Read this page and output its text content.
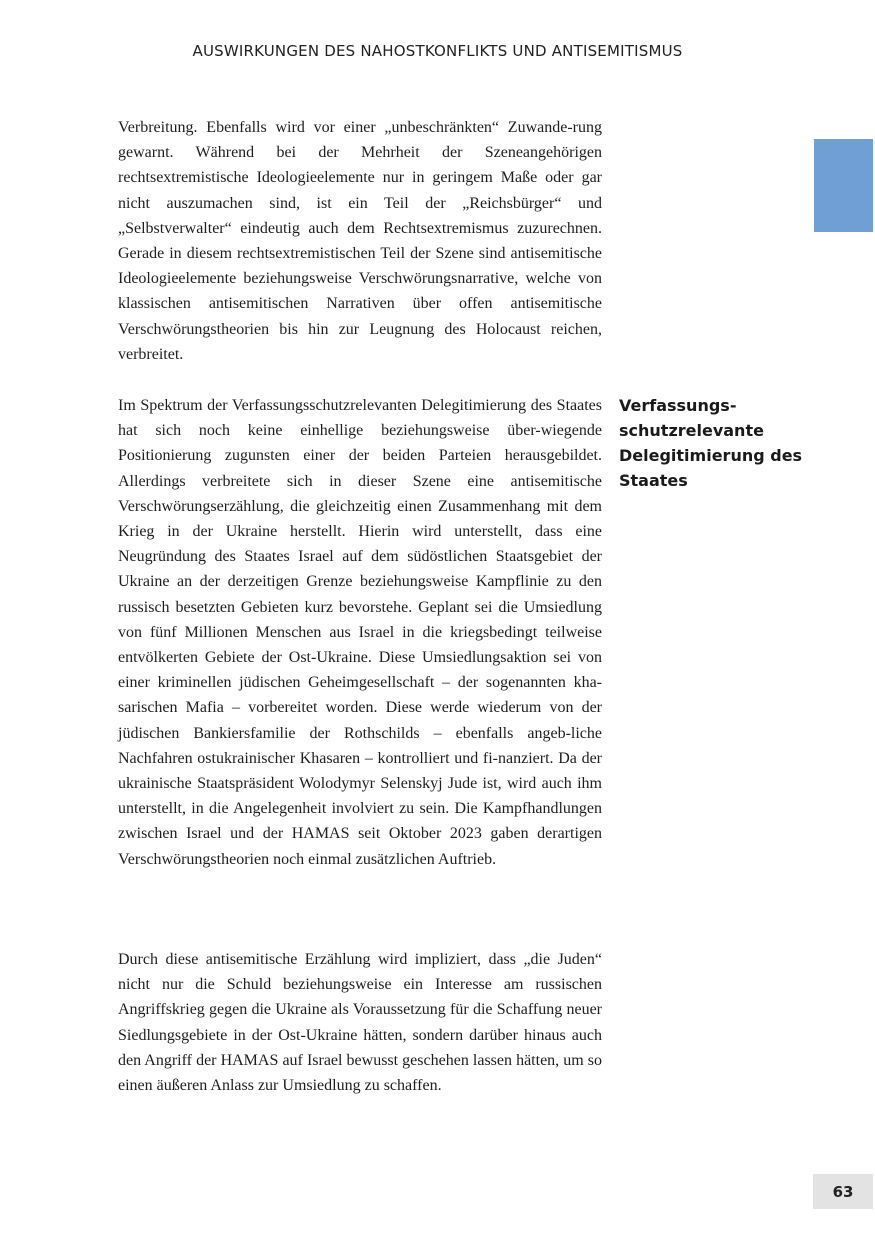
AUSWIRKUNGEN DES NAHOSTKONFLIKTS UND ANTISEMITISMUS

Verbreitung. Ebenfalls wird vor einer „unbeschränkten“ Zuwande-rung gewarnt. Während bei der Mehrheit der Szeneangehörigen rechtsextremistische Ideologieelemente nur in geringem Maße oder gar nicht auszumachen sind, ist ein Teil der „Reichsbürger“ und „Selbstverwalter“ eindeutig auch dem Rechtsextremismus zuzurechnen. Gerade in diesem rechtsextremistischen Teil der Szene sind antisemitische Ideologieelemente beziehungsweise Verschwörungsnarrative, welche von klassischen antisemitischen Narrativen über offen antisemitische Verschwörungstheorien bis hin zur Leugnung des Holocaust reichen, verbreitet.

Verfassungs-
schutzrelevante
Delegitimierung des
Staates

Im Spektrum der Verfassungsschutzrelevanten Delegitimierung des Staates hat sich noch keine einhellige beziehungsweise über-wiegende Positionierung zugunsten einer der beiden Parteien herausgebildet. Allerdings verbreitete sich in dieser Szene eine antisemitische Verschwörungserzählung, die gleichzeitig einen Zusammenhang mit dem Krieg in der Ukraine herstellt. Hierin wird unterstellt, dass eine Neugründung des Staates Israel auf dem südöstlichen Staatsgebiet der Ukraine an der derzeitigen Grenze beziehungsweise Kampflinie zu den russisch besetzten Gebieten kurz bevorstehe. Geplant sei die Umsiedlung von fünf Millionen Menschen aus Israel in die kriegsbedingt teilweise entvölkerten Gebiete der Ost-Ukraine. Diese Umsiedlungsaktion sei von einer kriminellen jüdischen Geheimgesellschaft – der sogenannten kha-sarischen Mafia – vorbereitet worden. Diese werde wiederum von der jüdischen Bankiersfamilie der Rothschilds – ebenfalls angeb-liche Nachfahren ostukrainischer Khasaren – kontrolliert und fi-nanziert. Da der ukrainische Staatspräsident Wolodymyr Selenskyj Jude ist, wird auch ihm unterstellt, in die Angelegenheit involviert zu sein. Die Kampfhandlungen zwischen Israel und der HAMAS seit Oktober 2023 gaben derartigen Verschwörungstheorien noch einmal zusätzlichen Auftrieb.

Durch diese antisemitische Erzählung wird impliziert, dass „die Juden“ nicht nur die Schuld beziehungsweise ein Interesse am russischen Angriffskrieg gegen die Ukraine als Voraussetzung für die Schaffung neuer Siedlungsgebiete in der Ost-Ukraine hätten, sondern darüber hinaus auch den Angriff der HAMAS auf Israel bewusst geschehen lassen hätten, um so einen äußeren Anlass zur Umsiedlung zu schaffen.

63
